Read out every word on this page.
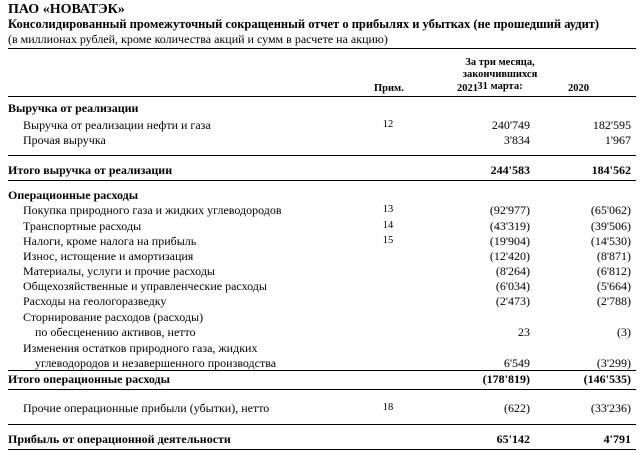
ПАО «НОВАТЭК»
Консолидированный промежуточный сокращенный отчет о прибылях и убытках (не прошедший аудит)
(в миллионах рублей, кроме количества акций и сумм в расчете на акцию)
За три месяца, закончившихся
31 марта:
Прим.	2021	2020
Выручка от реализации
Выручка от реализации нефти и газа	12	240'749	182'595
Прочая выручка	3'834	1'967
Итого выручка от реализации	244'583	184'562
Операционные расходы
Покупка природного газа и жидких углеводородов	13	(92'977)	(65'062)
Транспортные расходы	14	(43'319)	(39'506)
Налоги, кроме налога на прибыль	15	(19'904)	(14'530)
Износ, истощение и амортизация	(12'420)	(8'871)
Материалы, услуги и прочие расходы	(8'264)	(6'812)
Общехозяйственные и управленческие расходы	(6'034)	(5'664)
Расходы на геологоразведку	(2'473)	(2'788)
Сторнирование расходов (расходы)
по обесценению активов, нетто	23	(3)
Изменения остатков природного газа, жидких
углеводородов и незавершенного производства	6'549	(3'299)
Итого операционные расходы	(178'819)	(146'535)
Прочие операционные прибыли (убытки), нетто	18	(622)	(33'236)
Прибыль от операционной деятельности	65'142	4'791
